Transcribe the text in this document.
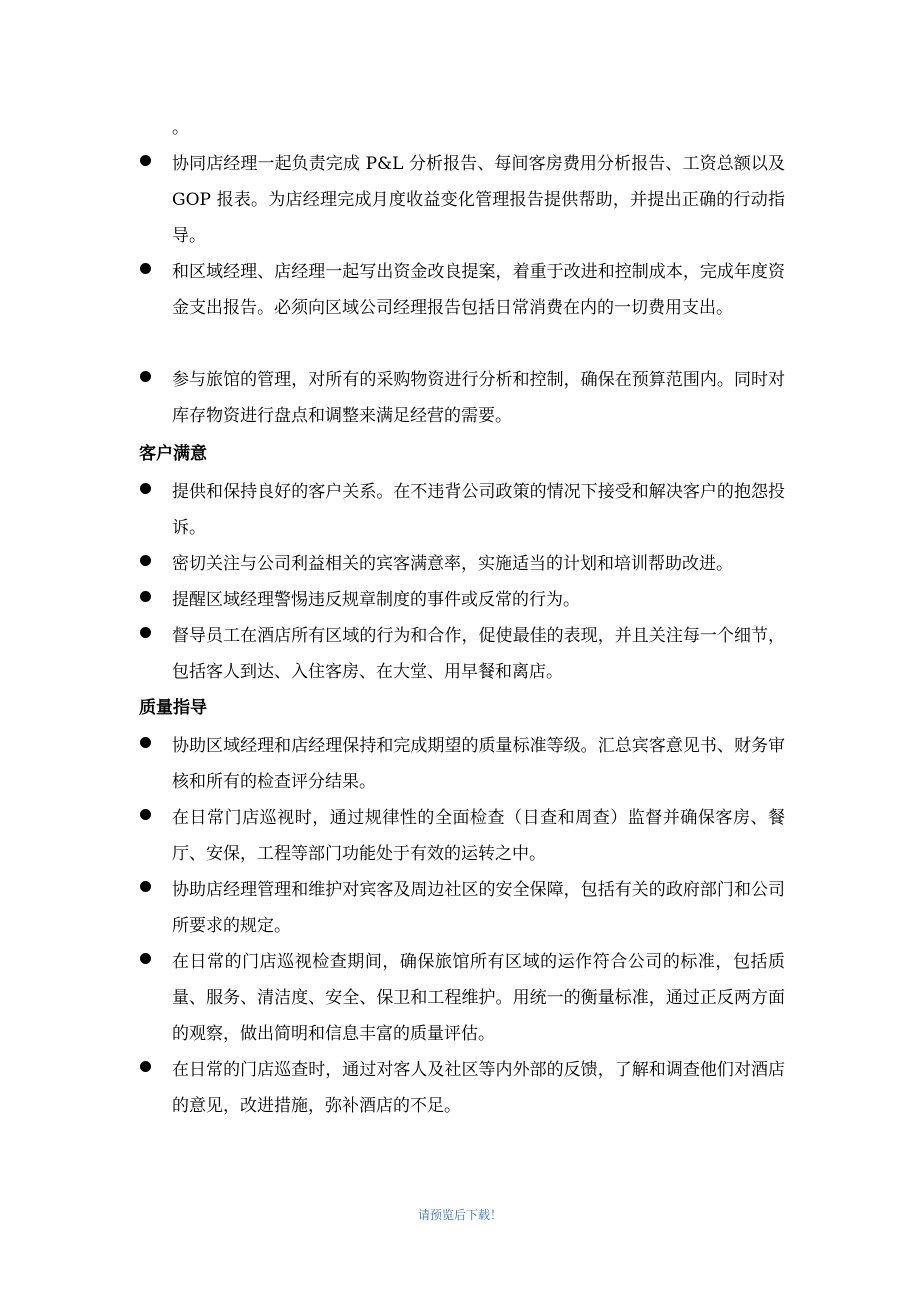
。
协同店经理一起负责完成 P&L 分析报告、每间客房费用分析报告、工资总额以及 GOP 报表。为店经理完成月度收益变化管理报告提供帮助，并提出正确的行动指导。
和区域经理、店经理一起写出资金改良提案，着重于改进和控制成本，完成年度资金支出报告。必须向区域公司经理报告包括日常消费在内的一切费用支出。
参与旅馆的管理，对所有的采购物资进行分析和控制，确保在预算范围内。同时对库存物资进行盘点和调整来满足经营的需要。
客户满意
提供和保持良好的客户关系。在不违背公司政策的情况下接受和解决客户的抱怨投诉。
密切关注与公司利益相关的宾客满意率，实施适当的计划和培训帮助改进。
提醒区域经理警惕违反规章制度的事件或反常的行为。
督导员工在酒店所有区域的行为和合作，促使最佳的表现，并且关注每一个细节，包括客人到达、入住客房、在大堂、用早餐和离店。
质量指导
协助区域经理和店经理保持和完成期望的质量标准等级。汇总宾客意见书、财务审核和所有的检查评分结果。
在日常门店巡视时，通过规律性的全面检查（日查和周查）监督并确保客房、餐厅、安保，工程等部门功能处于有效的运转之中。
协助店经理管理和维护对宾客及周边社区的安全保障，包括有关的政府部门和公司所要求的规定。
在日常的门店巡视检查期间，确保旅馆所有区域的运作符合公司的标准，包括质量、服务、清洁度、安全、保卫和工程维护。用统一的衡量标准，通过正反两方面的观察，做出简明和信息丰富的质量评估。
在日常的门店巡查时，通过对客人及社区等内外部的反馈，了解和调查他们对酒店的意见，改进措施，弥补酒店的不足。
请预览后下载！
